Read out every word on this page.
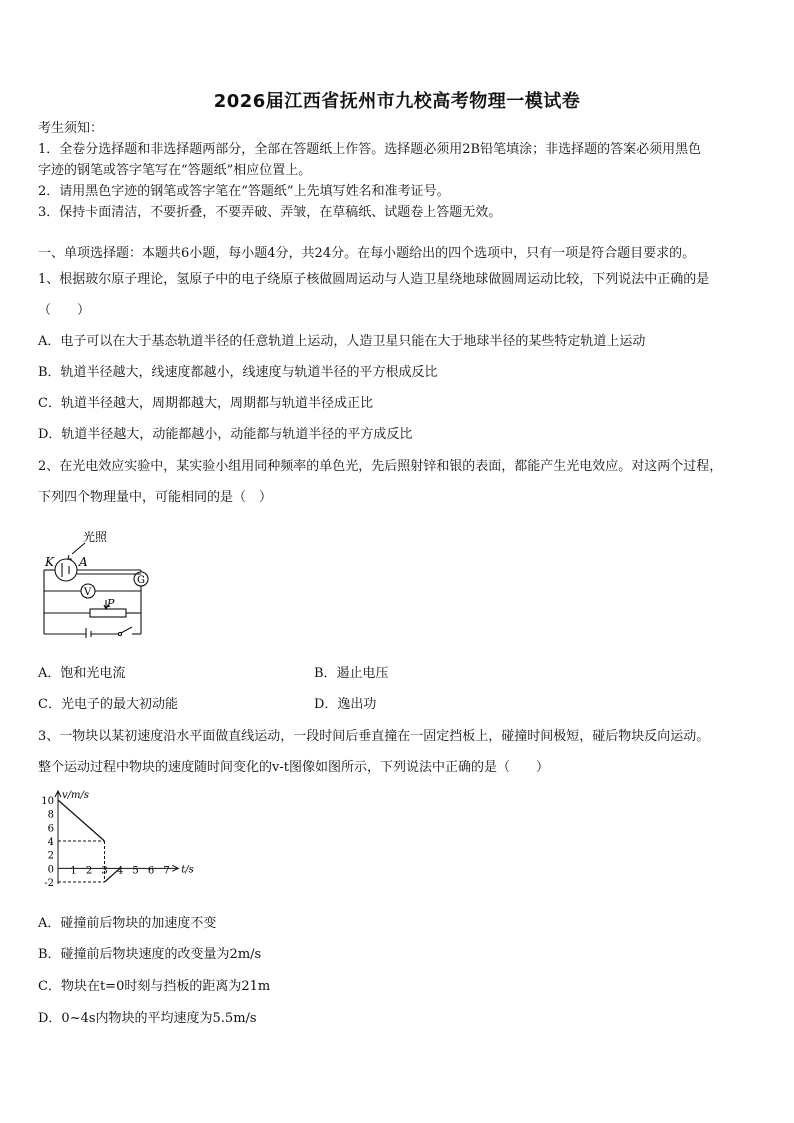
2026届江西省抚州市九校高考物理一模试卷
考生须知：
1．全卷分选择题和非选择题两部分，全部在答题纸上作答。选择题必须用2B铅笔填涂；非选择题的答案必须用黑色
字迹的钢笔或答字笔写在“答题纸”相应位置上。
2．请用黑色字迹的钢笔或答字笔在“答题纸”上先填写姓名和准考证号。
3．保持卡面清洁，不要折叠，不要弄破、弄皱，在草稿纸、试题卷上答题无效。
一、单项选择题：本题共6小题，每小题4分，共24分。在每小题给出的四个选项中，只有一项是符合题目要求的。
1、根据玻尔原子理论，氢原子中的电子绕原子核做圆周运动与人造卫星绕地球做圆周运动比较，下列说法中正确的是
（　　）
A．电子可以在大于基态轨道半径的任意轨道上运动，人造卫星只能在大于地球半径的某些特定轨道上运动
B．轨道半径越大，线速度都越小，线速度与轨道半径的平方根成反比
C．轨道半径越大，周期都越大，周期都与轨道半径成正比
D．轨道半径越大，动能都越小，动能都与轨道半径的平方成反比
2、在光电效应实验中，某实验小组用同种频率的单色光，先后照射锌和银的表面，都能产生光电效应。对这两个过程，
下列四个物理量中，可能相同的是（　）
光照
K A
G
V
P
A．饱和光电流	B．遏止电压
C．光电子的最大初动能	D．逸出功
3、一物块以某初速度沿水平面做直线运动，一段时间后垂直撞在一固定挡板上，碰撞时间极短，碰后物块反向运动。
整个运动过程中物块的速度随时间变化的v-t图像如图所示，下列说法中正确的是（　　）
10
8
6
4
2
0
-2
1 2 3 4 5 6 7
v/m/s
t/s
A．碰撞前后物块的加速度不变
B．碰撞前后物块速度的改变量为2m/s
C．物块在t=0时刻与挡板的距离为21m
D．0~4s内物块的平均速度为5.5m/s
